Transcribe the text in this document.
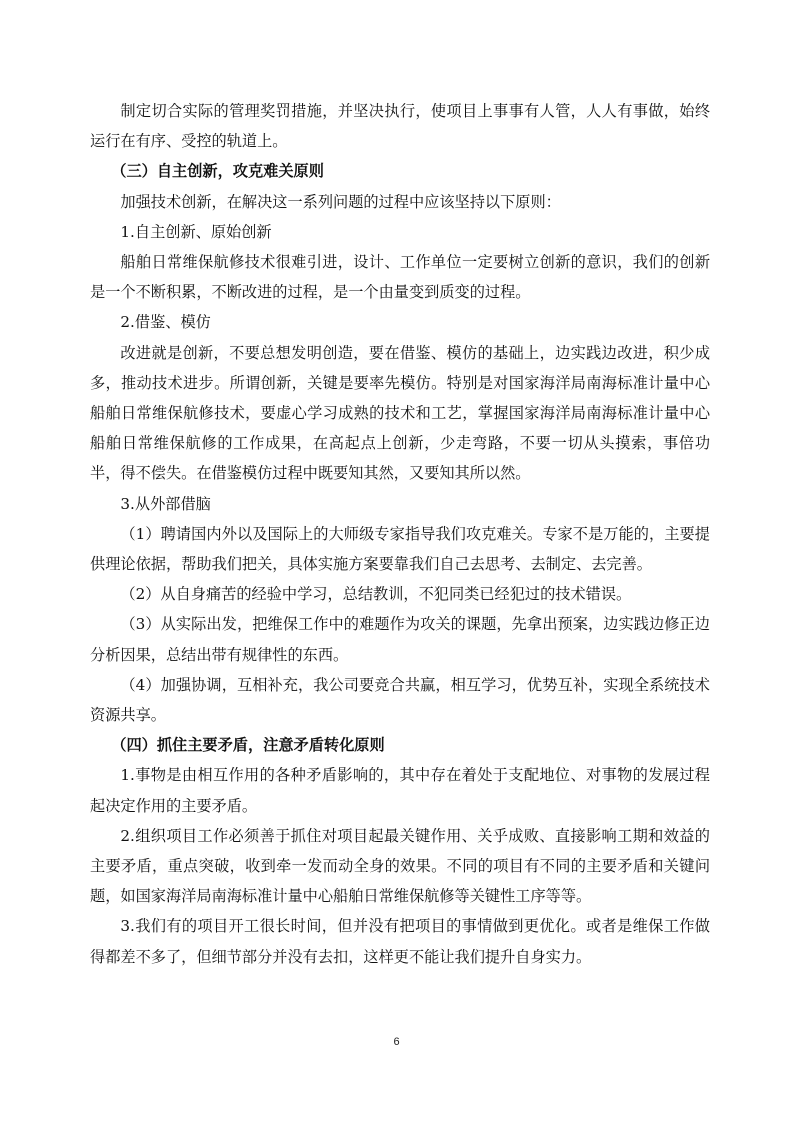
制定切合实际的管理奖罚措施，并坚决执行，使项目上事事有人管，人人有事做，始终运行在有序、受控的轨道上。

（三）自主创新，攻克难关原则

加强技术创新，在解决这一系列问题的过程中应该坚持以下原则：

1.自主创新、原始创新

船舶日常维保航修技术很难引进，设计、工作单位一定要树立创新的意识，我们的创新是一个不断积累，不断改进的过程，是一个由量变到质变的过程。

2.借鉴、模仿

改进就是创新，不要总想发明创造，要在借鉴、模仿的基础上，边实践边改进，积少成多，推动技术进步。所谓创新，关键是要率先模仿。特别是对国家海洋局南海标准计量中心船舶日常维保航修技术，要虚心学习成熟的技术和工艺，掌握国家海洋局南海标准计量中心船舶日常维保航修的工作成果，在高起点上创新，少走弯路，不要一切从头摸索，事倍功半，得不偿失。在借鉴模仿过程中既要知其然，又要知其所以然。

3.从外部借脑

（1）聘请国内外以及国际上的大师级专家指导我们攻克难关。专家不是万能的，主要提供理论依据，帮助我们把关，具体实施方案要靠我们自己去思考、去制定、去完善。

（2）从自身痛苦的经验中学习，总结教训，不犯同类已经犯过的技术错误。

（3）从实际出发，把维保工作中的难题作为攻关的课题，先拿出预案，边实践边修正边分析因果，总结出带有规律性的东西。

（4）加强协调，互相补充，我公司要竞合共赢，相互学习，优势互补，实现全系统技术资源共享。

（四）抓住主要矛盾，注意矛盾转化原则

1.事物是由相互作用的各种矛盾影响的，其中存在着处于支配地位、对事物的发展过程起决定作用的主要矛盾。

2.组织项目工作必须善于抓住对项目起最关键作用、关乎成败、直接影响工期和效益的主要矛盾，重点突破，收到牵一发而动全身的效果。不同的项目有不同的主要矛盾和关键问题，如国家海洋局南海标准计量中心船舶日常维保航修等关键性工序等等。

3.我们有的项目开工很长时间，但并没有把项目的事情做到更优化。或者是维保工作做得都差不多了，但细节部分并没有去扣，这样更不能让我们提升自身实力。

6
